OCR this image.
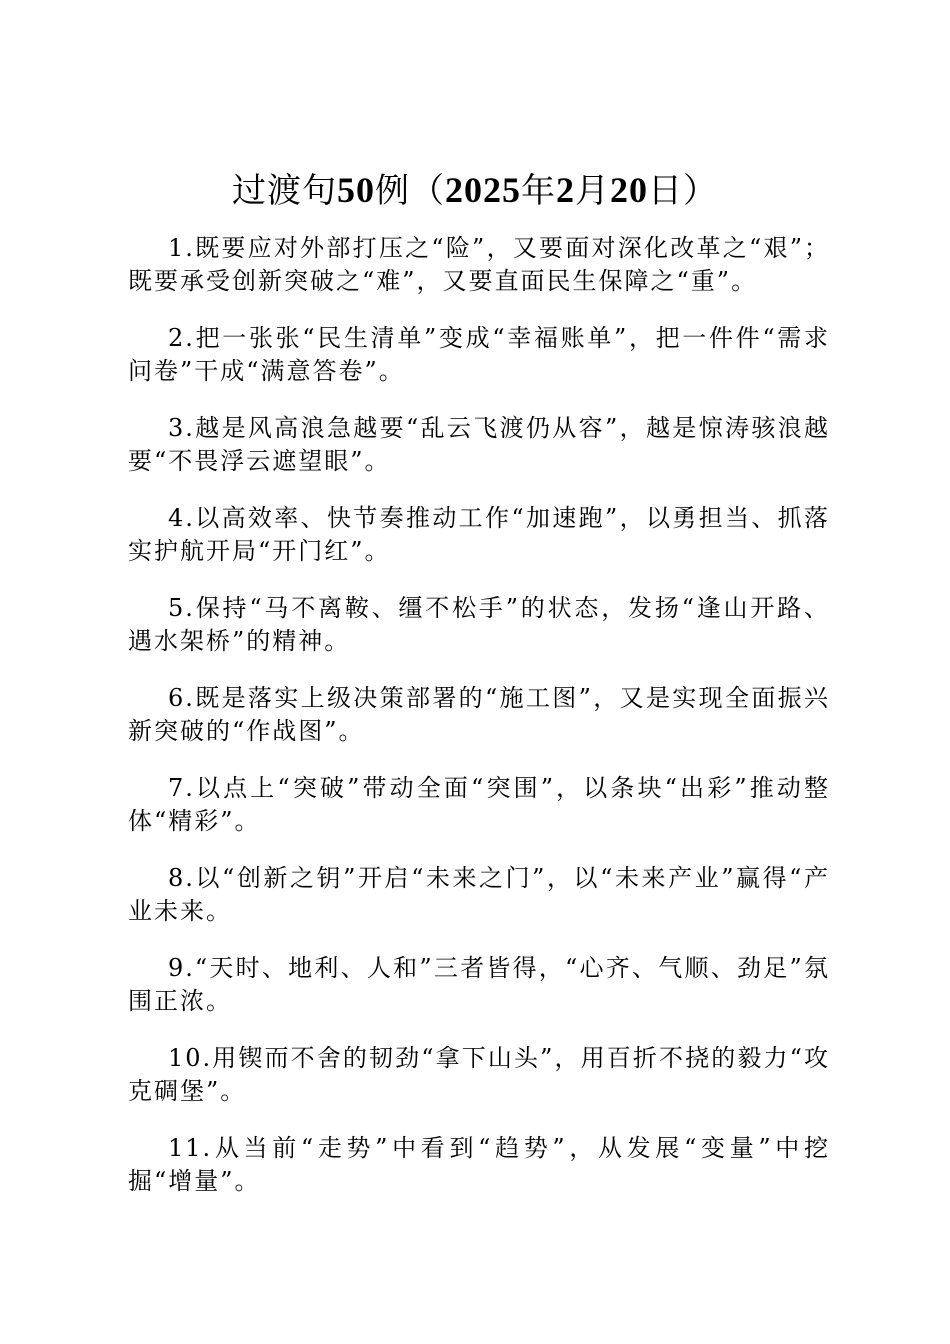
过渡句50例（2025年2月20日）

1.既要应对外部打压之“险”，又要面对深化改革之“艰”；既要承受创新突破之“难”，又要直面民生保障之“重”。

2.把一张张“民生清单”变成“幸福账单”，把一件件“需求问卷”干成“满意答卷”。

3.越是风高浪急越要“乱云飞渡仍从容”，越是惊涛骇浪越要“不畏浮云遮望眼”。

4.以高效率、快节奏推动工作“加速跑”，以勇担当、抓落实护航开局“开门红”。

5.保持“马不离鞍、缰不松手”的状态，发扬“逢山开路、遇水架桥”的精神。

6.既是落实上级决策部署的“施工图”，又是实现全面振兴新突破的“作战图”。

7.以点上“突破”带动全面“突围”，以条块“出彩”推动整体“精彩”。

8.以“创新之钥”开启“未来之门”，以“未来产业”赢得“产业未来。

9.“天时、地利、人和”三者皆得，“心齐、气顺、劲足”氛围正浓。

10.用锲而不舍的韧劲“拿下山头”，用百折不挠的毅力“攻克碉堡”。

11.从当前“走势”中看到“趋势”，从发展“变量”中挖掘“增量”。
